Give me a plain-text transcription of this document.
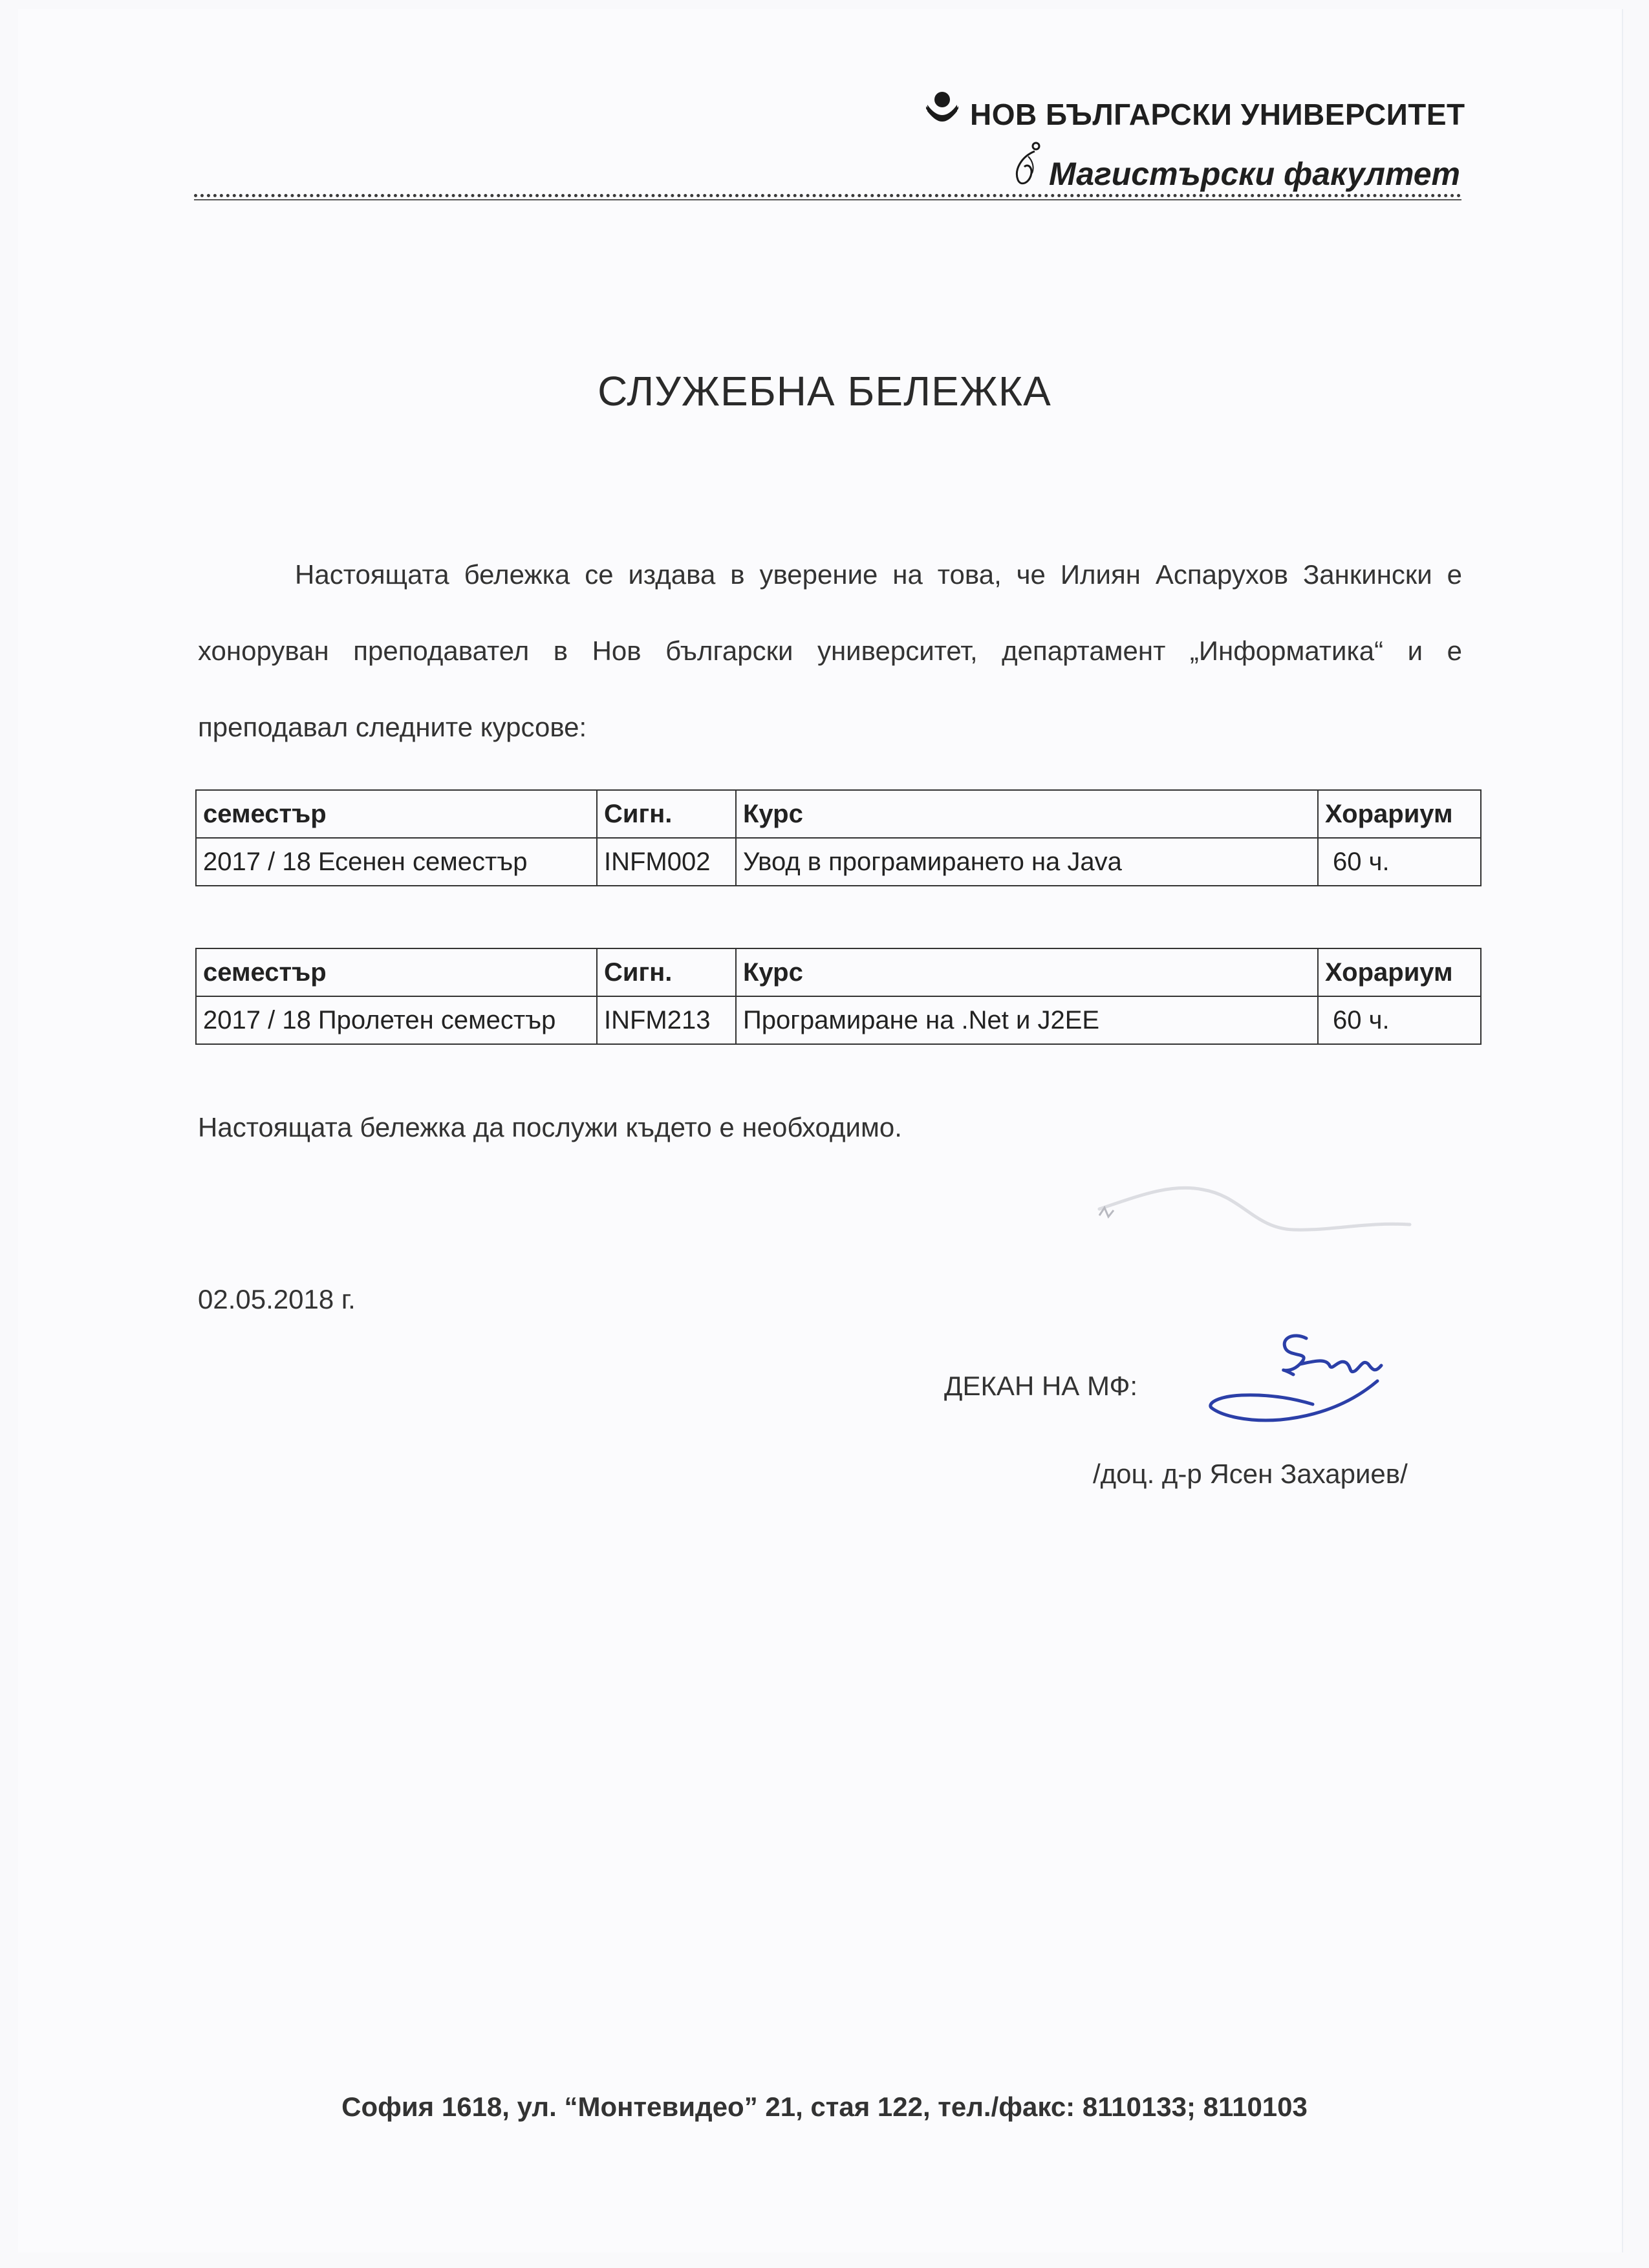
НОВ БЪЛГАРСКИ УНИВЕРСИТЕТ
Магистърски факултет
СЛУЖЕБНА БЕЛЕЖКА
Настоящата бележка се издава в уверение на това, че Илиян Аспарухов Занкински е хоноруван преподавател в Нов български университет, департамент „Информатика“ и е преподавал следните курсове:
семестър	Сигн.	Курс	Хорариум
2017 / 18 Есенен семестър	INFM002	Увод в програмирането на Java	60 ч.
семестър	Сигн.	Курс	Хорариум
2017 / 18 Пролетен семестър	INFM213	Програмиране на .Net и J2EE	60 ч.
Настоящата бележка да послужи където е необходимо.
02.05.2018 г.
ДЕКАН НА МФ:
/доц. д-р Ясен Захариев/
София 1618, ул. “Монтевидео” 21, стая 122, тел./факс: 8110133; 8110103
